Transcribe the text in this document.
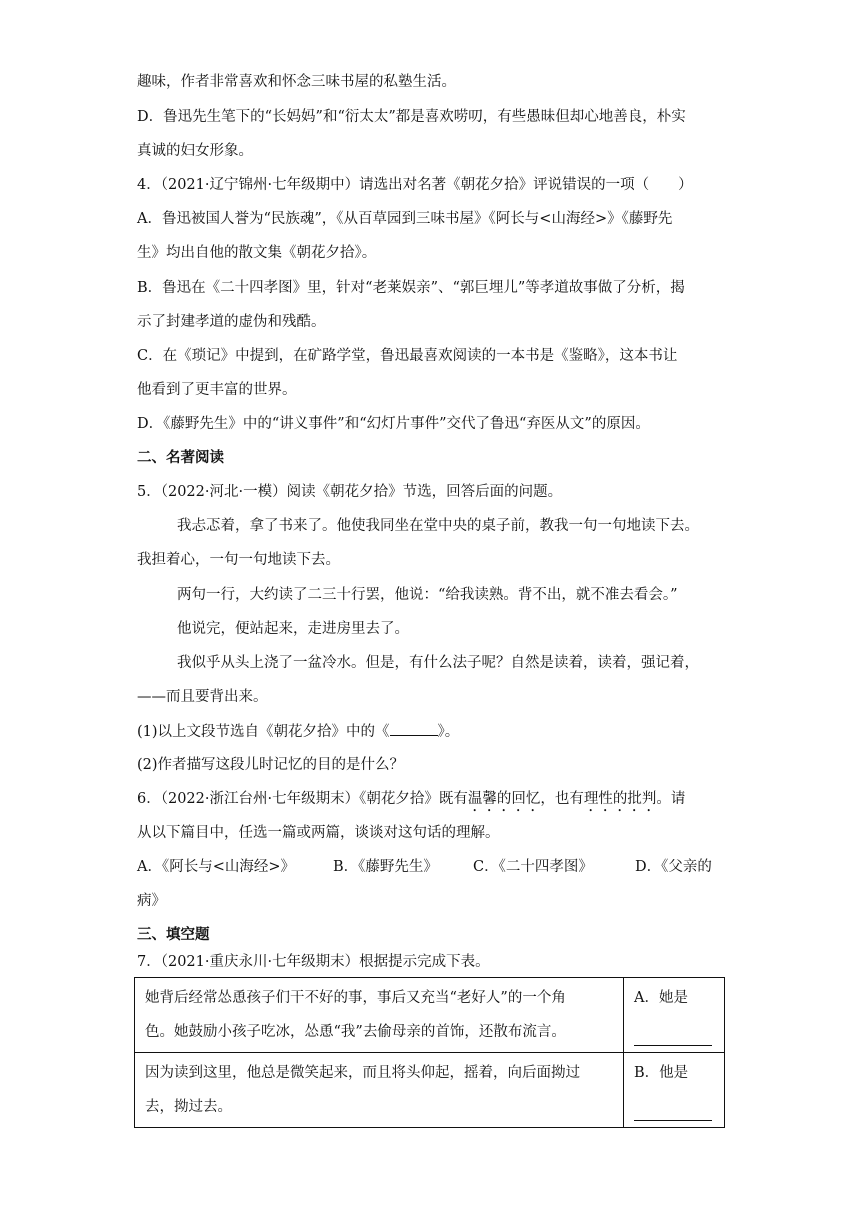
趣味，作者非常喜欢和怀念三味书屋的私塾生活。
D．鲁迅先生笔下的“长妈妈”和“衍太太”都是喜欢唠叨，有些愚昧但却心地善良，朴实
真诚的妇女形象。
4．（2021·辽宁锦州·七年级期中）请选出对名著《朝花夕拾》评说错误的一项（　　）
A．鲁迅被国人誉为“民族魂”，《从百草园到三味书屋》《阿长与<山海经>》《藤野先
生》均出自他的散文集《朝花夕拾》。
B．鲁迅在《二十四孝图》里，针对“老莱娱亲”、“郭巨埋儿”等孝道故事做了分析，揭
示了封建孝道的虚伪和残酷。
C．在《琐记》中提到，在矿路学堂，鲁迅最喜欢阅读的一本书是《鉴略》，这本书让
他看到了更丰富的世界。
D．《藤野先生》中的“讲义事件”和“幻灯片事件”交代了鲁迅“弃医从文”的原因。
二、名著阅读
5．（2022·河北·一模）阅读《朝花夕拾》节选，回答后面的问题。
我忐忑着，拿了书来了。他使我同坐在堂中央的桌子前，教我一句一句地读下去。
我担着心，一句一句地读下去。
两句一行，大约读了二三十行罢，他说：“给我读熟。背不出，就不准去看会。”
他说完，便站起来，走进房里去了。
我似乎从头上浇了一盆冷水。但是，有什么法子呢？自然是读着，读着，强记着，
——而且要背出来。
(1)以上文段节选自《朝花夕拾》中的《	》。
(2)作者描写这段儿时记忆的目的是什么？
6．（2022·浙江台州·七年级期末）《朝花夕拾》既有温馨的回忆，也有理性的批判。请
从以下篇目中，任选一篇或两篇，谈谈对这句话的理解。
A．《阿长与<山海经>》	B．《藤野先生》 C．《二十四孝图》	D．《父亲的
病》
三、填空题
7．（2021·重庆永川·七年级期末）根据提示完成下表。
她背后经常怂恿孩子们干不好的事，事后又充当“老好人”的一个角
色。她鼓励小孩子吃冰，怂恿“我”去偷母亲的首饰，还散布流言。	A．她是

因为读到这里，他总是微笑起来，而且将头仰起，摇着，向后面拗过
去，拗过去。	B．他是
